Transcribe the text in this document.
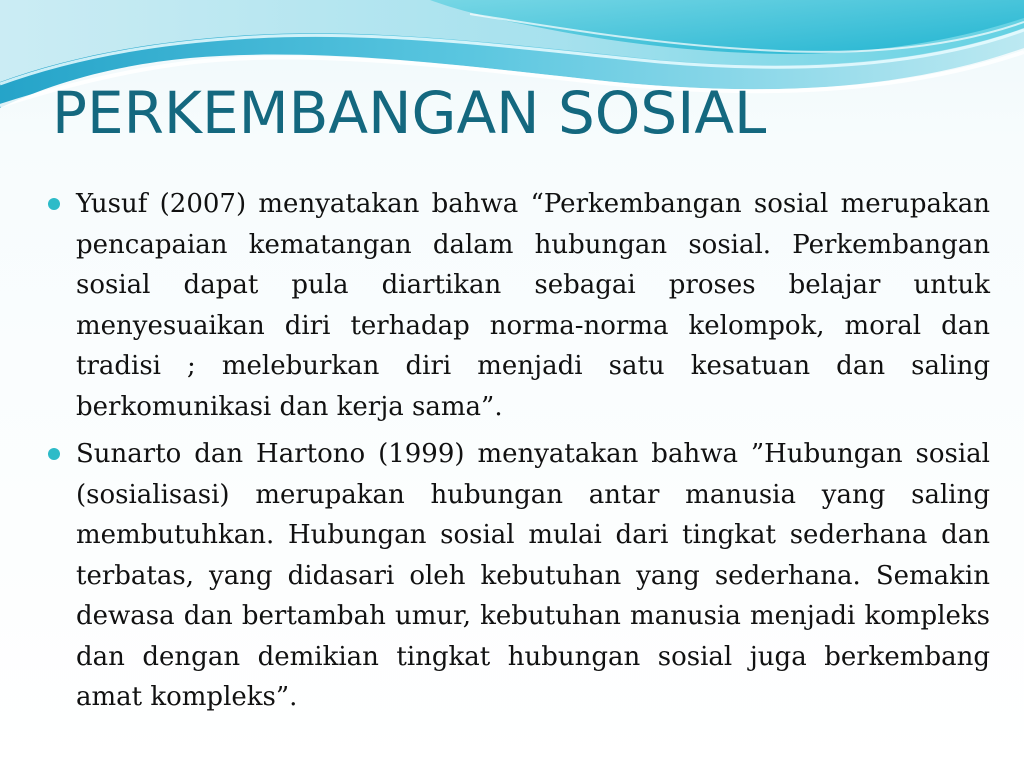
PERKEMBANGAN SOSIAL
Yusuf (2007) menyatakan bahwa “Perkembangan sosial merupakan pencapaian kematangan dalam hubungan sosial. Perkembangan sosial dapat pula diartikan sebagai proses belajar untuk menyesuaikan diri terhadap norma-norma kelompok, moral dan tradisi ; meleburkan diri menjadi satu kesatuan dan saling berkomunikasi dan kerja sama”.
Sunarto dan Hartono (1999) menyatakan bahwa ”Hubungan sosial (sosialisasi) merupakan hubungan antar manusia yang saling membutuhkan. Hubungan sosial mulai dari tingkat sederhana dan terbatas, yang didasari oleh kebutuhan yang sederhana. Semakin dewasa dan bertambah umur, kebutuhan manusia menjadi kompleks dan dengan demikian tingkat hubungan sosial juga berkembang amat kompleks”.
